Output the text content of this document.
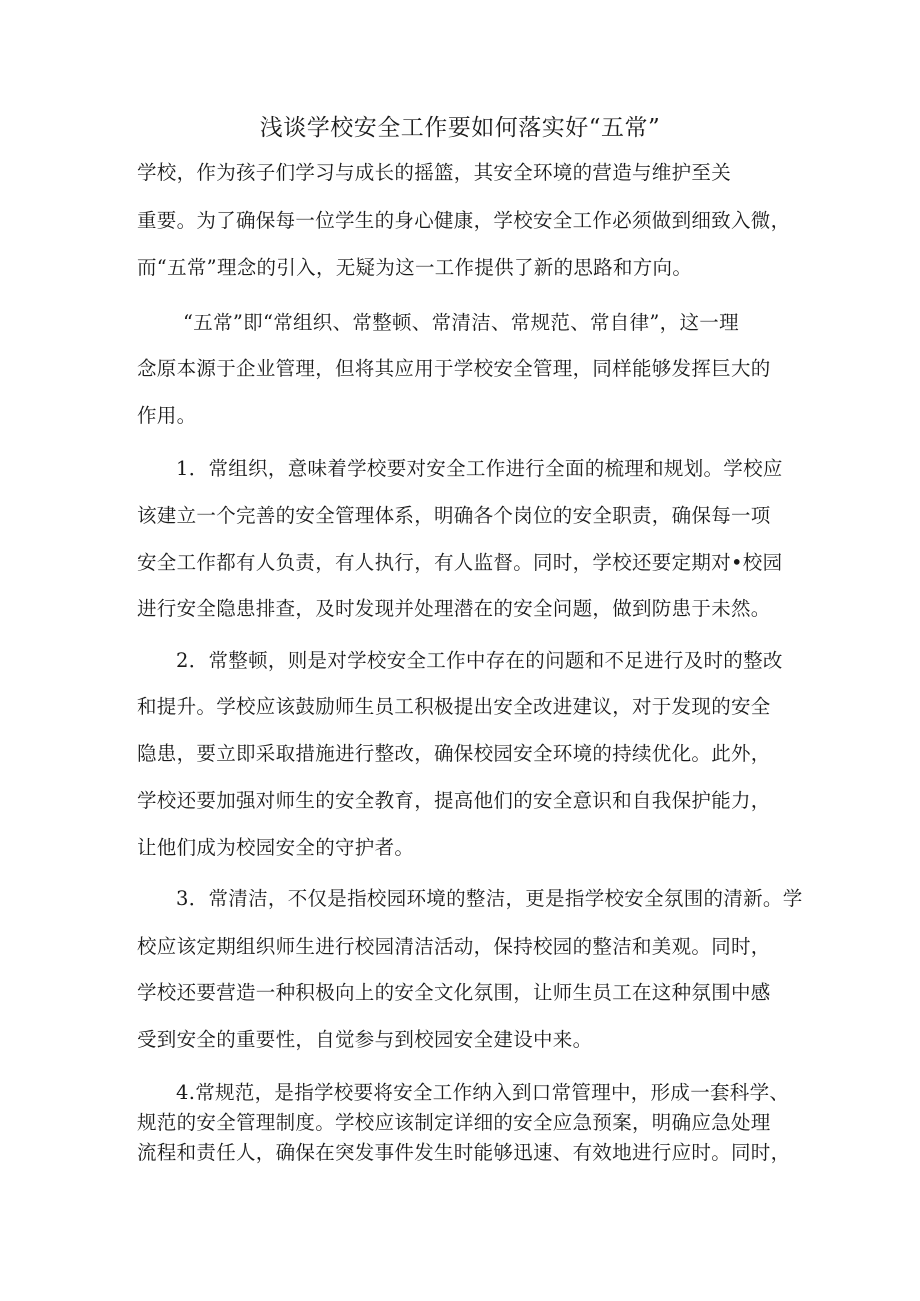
浅谈学校安全工作要如何落实好“五常”
学校，作为孩子们学习与成长的摇篮，其安全环境的营造与维护至关
重要。为了确保每一位学生的身心健康，学校安全工作必须做到细致入微，
而“五常”理念的引入，无疑为这一工作提供了新的思路和方向。
“五常”即“常组织、常整顿、常清洁、常规范、常自律”，这一理
念原本源于企业管理，但将其应用于学校安全管理，同样能够发挥巨大的
作用。
1．常组织，意味着学校要对安全工作进行全面的梳理和规划。学校应
该建立一个完善的安全管理体系，明确各个岗位的安全职责，确保每一项
安全工作都有人负责，有人执行，有人监督。同时，学校还要定期对•校园
进行安全隐患排查，及时发现并处理潜在的安全问题，做到防患于未然。
2．常整顿，则是对学校安全工作中存在的问题和不足进行及时的整改
和提升。学校应该鼓励师生员工积极提出安全改进建议，对于发现的安全
隐患，要立即采取措施进行整改，确保校园安全环境的持续优化。此外，
学校还要加强对师生的安全教育，提高他们的安全意识和自我保护能力，
让他们成为校园安全的守护者。
3．常清洁，不仅是指校园环境的整洁，更是指学校安全氛围的清新。学
校应该定期组织师生进行校园清洁活动，保持校园的整洁和美观。同时，
学校还要营造一种积极向上的安全文化氛围，让师生员工在这种氛围中感
受到安全的重要性，自觉参与到校园安全建设中来。
4.常规范，是指学校要将安全工作纳入到口常管理中，形成一套科学、
规范的安全管理制度。学校应该制定详细的安全应急预案，明确应急处理
流程和责任人，确保在突发事件发生时能够迅速、有效地进行应时。同时，
